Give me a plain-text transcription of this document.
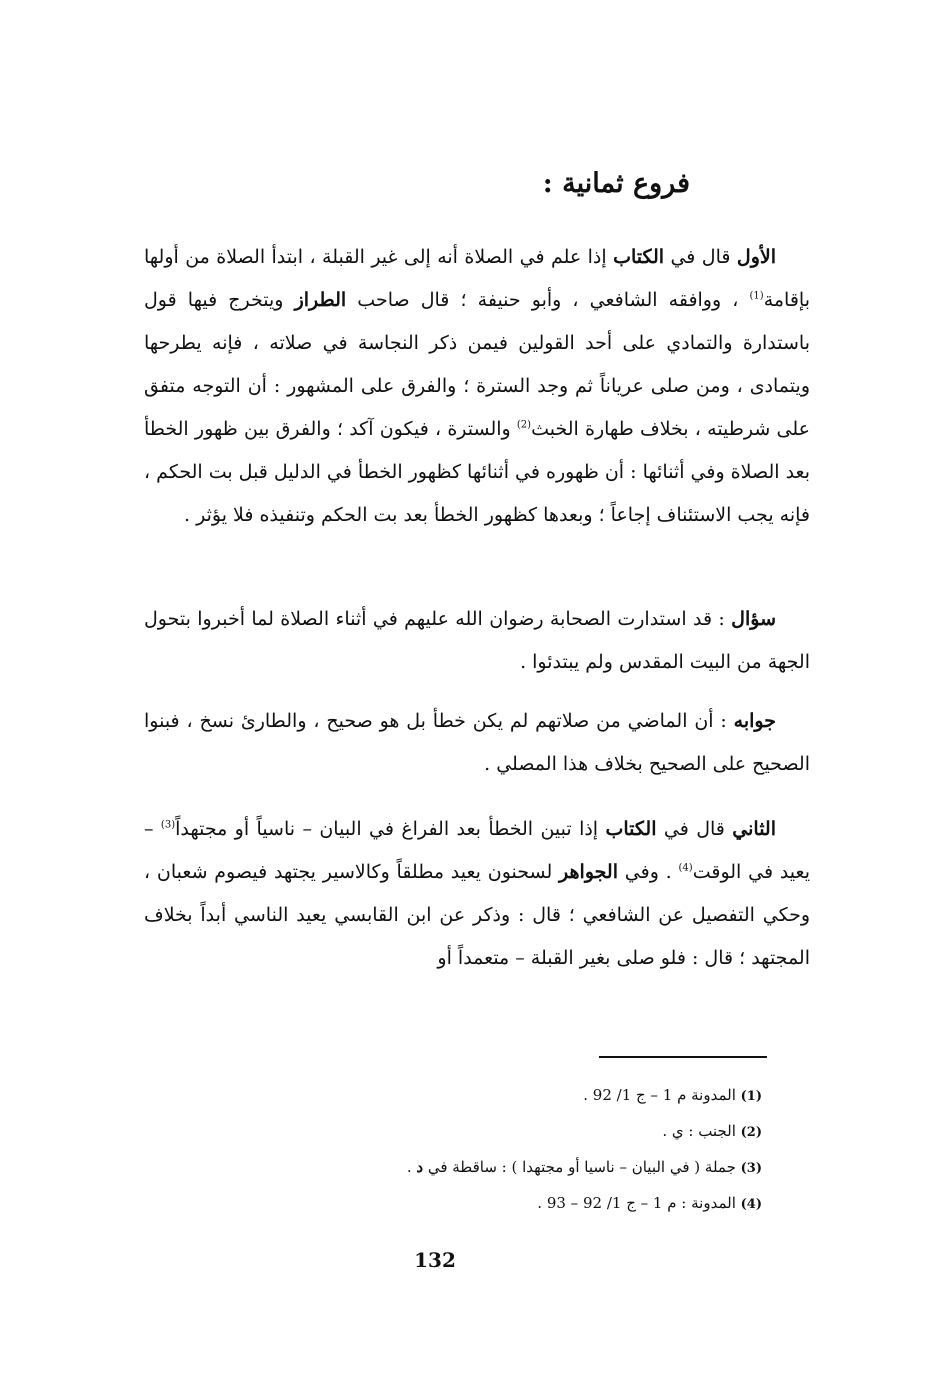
فروع ثمانية :

الأول قال في الكتاب إذا علم في الصلاة أنه إلى غير القبلة ، ابتدأ الصلاة من أولها بإقامة$^{(1)}$ ، ووافقه الشافعي ، وأبو حنيفة ؛ قال صاحب الطراز ويتخرج فيها قول باستدارة والتمادي على أحد القولين فيمن ذكر النجاسة في صلاته ، فإنه يطرحها ويتمادى ، ومن صلى عرياناً ثم وجد السترة ؛ والفرق على المشهور : أن التوجه متفق على شرطيته ، بخلاف طهارة الخبث$^{(2)}$ والسترة ، فيكون آكد ؛ والفرق بين ظهور الخطأ بعد الصلاة وفي أثنائها : أن ظهوره في أثنائها كظهور الخطأ في الدليل قبل بت الحكم ، فإنه يجب الاستئناف إجاعاً ؛ وبعدها كظهور الخطأ بعد بت الحكم وتنفيذه فلا يؤثر .

سؤال : قد استدارت الصحابة رضوان الله عليهم في أثناء الصلاة لما أخبروا بتحول الجهة من البيت المقدس ولم يبتدئوا .

جوابه : أن الماضي من صلاتهم لم يكن خطأ بل هو صحيح ، والطارئ نسخ ، فبنوا الصحيح على الصحيح بخلاف هذا المصلي .

الثاني قال في الكتاب إذا تبين الخطأ بعد الفراغ في البيان – ناسياً أو مجتهداً$^{(3)}$ – يعيد في الوقت$^{(4)}$ . وفي الجواهر لسحنون يعيد مطلقاً وكالاسير يجتهد فيصوم شعبان ، وحكي التفصيل عن الشافعي ؛ قال : وذكر عن ابن القابسي يعيد الناسي أبداً بخلاف المجتهد ؛ قال : فلو صلى بغير القبلة – متعمداً أو

(1) المدونة م 1 – ج 1/ 92 .

(2) الجنب : ي .

(3) جملة ( في البيان – ناسيا أو مجتهدا ) : ساقطة في د .

(4) المدونة : م 1 – ج 1/ 92 – 93 .

132
